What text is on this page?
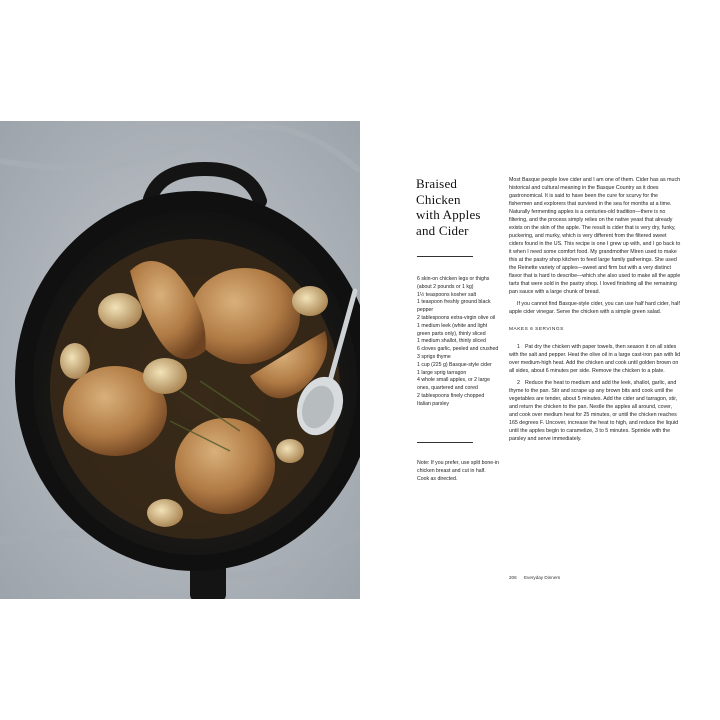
Braised
Chicken
with Apples
and Cider
6 skin-on chicken legs or thighs (about 2 pounds or 1 kg)
1½ teaspoons kosher salt
1 teaspoon freshly ground black pepper
2 tablespoons extra-virgin olive oil
1 medium leek (white and light green parts only), thinly sliced
1 medium shallot, thinly sliced
6 cloves garlic, peeled and crushed
3 sprigs thyme
1 cup (225 g) Basque-style cider
1 large sprig tarragon
4 whole small apples, or 2 large ones, quartered and cored
2 tablespoons finely chopped Italian parsley
Note: If you prefer, use split bone-in chicken breast and cut in half. Cook as directed.

Most Basque people love cider and I am one of them. Cider has as much historical and cultural meaning in the Basque Country as it does gastronomical. It is said to have been the cure for scurvy for the fishermen and explorers that survived in the sea for months at a time. Naturally fermenting apples is a centuries-old tradition—there is no filtering, and the process simply relies on the native yeast that already exists on the skin of the apple. The result is cider that is very dry, funky, puckering, and murky, which is very different from the filtered sweet ciders found in the US. This recipe is one I grew up with, and I go back to it when I need some comfort food. My grandmother Miren used to make this at the pastry shop kitchen to feed large family gatherings. She used the Reinette variety of apples—sweet and firm but with a very distinct flavor that is hard to describe—which she also used to make all the apple tarts that were sold in the pastry shop. I loved finishing all the remaining pan sauce with a large chunk of bread.

If you cannot find Basque-style cider, you can use half hard cider, half apple cider vinegar. Serve the chicken with a simple green salad.

MAKES 6 SERVINGS

1 Pat dry the chicken with paper towels, then season it on all sides with the salt and pepper. Heat the olive oil in a large cast-iron pan with lid over medium-high heat. Add the chicken and cook until golden brown on all sides, about 6 minutes per side. Remove the chicken to a plate.

2 Reduce the heat to medium and add the leek, shallot, garlic, and thyme to the pan. Stir and scrape up any brown bits and cook until the vegetables are tender, about 5 minutes. Add the cider and tarragon, stir, and return the chicken to the pan. Nestle the apples all around, cover, and cook over medium heat for 25 minutes, or until the chicken reaches 165 degrees F. Uncover, increase the heat to high, and reduce the liquid until the apples begin to caramelize, 3 to 5 minutes. Sprinkle with the parsley and serve immediately.

206 Everyday Dinners
